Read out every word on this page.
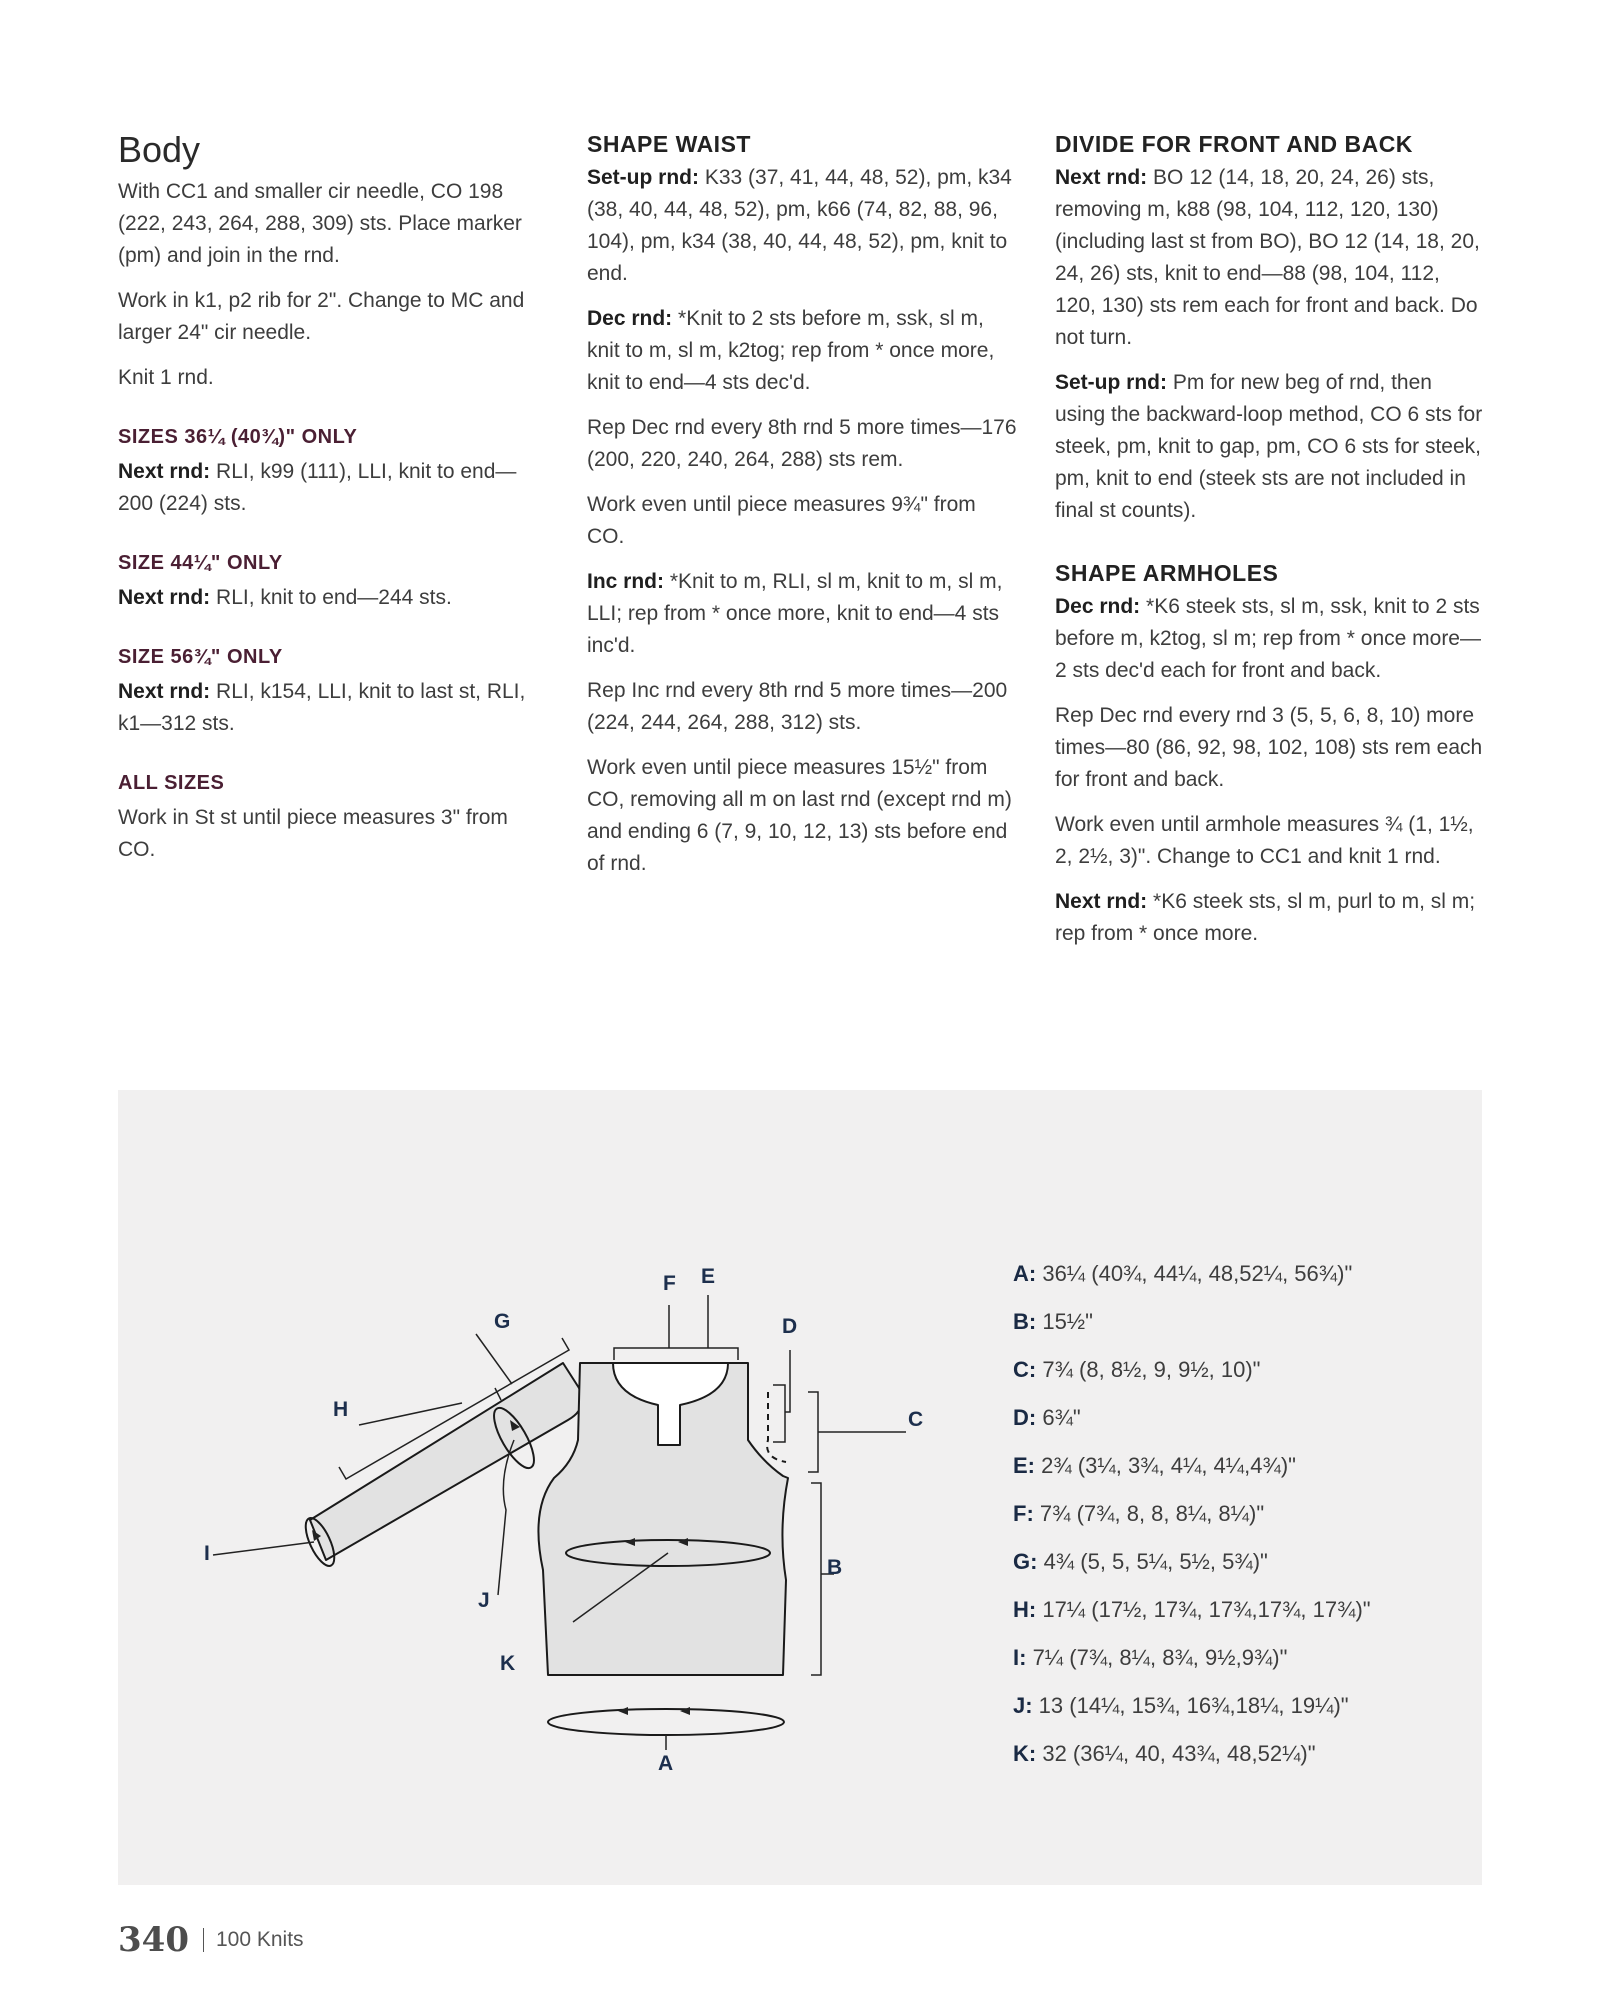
Body

With CC1 and smaller cir needle, CO 198 (222, 243, 264, 288, 309) sts. Place marker (pm) and join in the rnd.

Work in k1, p2 rib for 2". Change to MC and larger 24" cir needle.

Knit 1 rnd.

SIZES 36¼ (40¾)" ONLY

Next rnd: RLI, k99 (111), LLI, knit to end—200 (224) sts.

SIZE 44¼" ONLY

Next rnd: RLI, knit to end—244 sts.

SIZE 56¾" ONLY

Next rnd: RLI, k154, LLI, knit to last st, RLI, k1—312 sts.

ALL SIZES

Work in St st until piece measures 3" from CO.

SHAPE WAIST

Set-up rnd: K33 (37, 41, 44, 48, 52), pm, k34 (38, 40, 44, 48, 52), pm, k66 (74, 82, 88, 96, 104), pm, k34 (38, 40, 44, 48, 52), pm, knit to end.

Dec rnd: *Knit to 2 sts before m, ssk, sl m, knit to m, sl m, k2tog; rep from * once more, knit to end—4 sts dec'd.

Rep Dec rnd every 8th rnd 5 more times—176 (200, 220, 240, 264, 288) sts rem.

Work even until piece measures 9¾" from CO.

Inc rnd: *Knit to m, RLI, sl m, knit to m, sl m, LLI; rep from * once more, knit to end—4 sts inc'd.

Rep Inc rnd every 8th rnd 5 more times—200 (224, 244, 264, 288, 312) sts.

Work even until piece measures 15½" from CO, removing all m on last rnd (except rnd m) and ending 6 (7, 9, 10, 12, 13) sts before end of rnd.

DIVIDE FOR FRONT AND BACK

Next rnd: BO 12 (14, 18, 20, 24, 26) sts, removing m, k88 (98, 104, 112, 120, 130) (including last st from BO), BO 12 (14, 18, 20, 24, 26) sts, knit to end—88 (98, 104, 112, 120, 130) sts rem each for front and back. Do not turn.

Set-up rnd: Pm for new beg of rnd, then using the backward-loop method, CO 6 sts for steek, pm, knit to gap, pm, CO 6 sts for steek, pm, knit to end (steek sts are not included in final st counts).

SHAPE ARMHOLES

Dec rnd: *K6 steek sts, sl m, ssk, knit to 2 sts before m, k2tog, sl m; rep from * once more—2 sts dec'd each for front and back.

Rep Dec rnd every rnd 3 (5, 5, 6, 8, 10) more times—80 (86, 92, 98, 102, 108) sts rem each for front and back.

Work even until armhole measures ¾ (1, 1½, 2, 2½, 3)". Change to CC1 and knit 1 rnd.

Next rnd: *K6 steek sts, sl m, purl to m, sl m; rep from * once more.

F E
D
C
B
G
H
I
J
K
A
A: 36¼ (40¾, 44¼, 48,52¼, 56¾)"
B: 15½"
C: 7¾ (8, 8½, 9, 9½, 10)"
D: 6¾"
E: 2¾ (3¼, 3¾, 4¼, 4¼,4¾)"
F: 7¾ (7¾, 8, 8, 8¼, 8¼)"
G: 4¾ (5, 5, 5¼, 5½, 5¾)"
H: 17¼ (17½, 17¾, 17¾,17¾, 17¾)"
I: 7¼ (7¾, 8¼, 8¾, 9½,9¾)"
J: 13 (14¼, 15¾, 16¾,18¼, 19¼)"
K: 32 (36¼, 40, 43¾, 48,52¼)"
340 100 Knits
